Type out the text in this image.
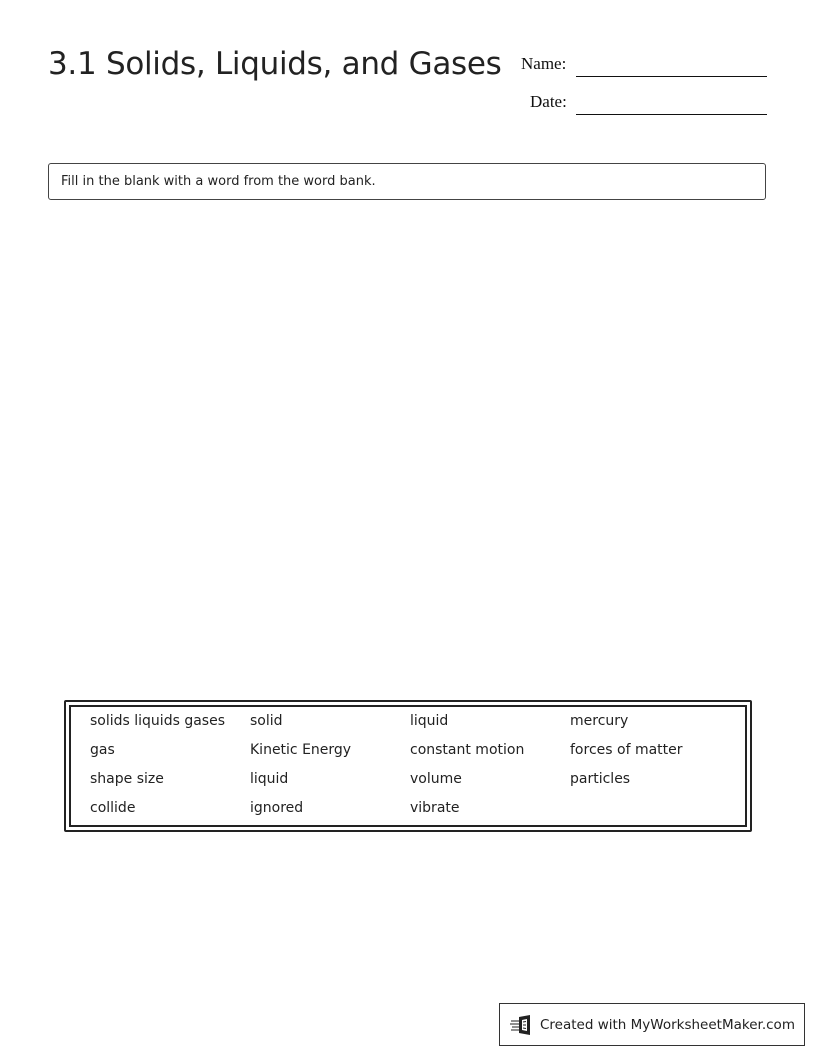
3.1 Solids, Liquids, and Gases Name:
Date:
Fill in the blank with a word from the word bank.
solids liquids gases	solid	liquid	mercury
gas	Kinetic Energy	constant motion	forces of matter
shape size	liquid	volume	particles
collide	ignored	vibrate
Created with MyWorksheetMaker.com
